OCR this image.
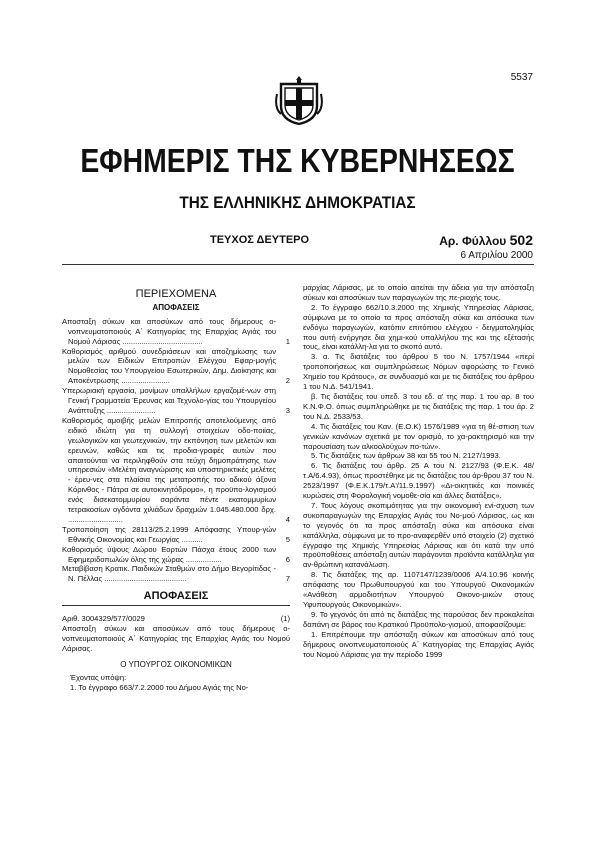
5537
ΕΦΗΜΕΡΙΣ ΤΗΣ ΚΥΒΕΡΝΗΣΕΩΣ
ΤΗΣ ΕΛΛΗΝΙΚΗΣ ΔΗΜΟΚΡΑΤΙΑΣ
ΤΕΥΧΟΣ ΔΕΥΤΕΡΟ	Αρ. Φύλλου 502
6 Απριλίου 2000
ΠΕΡΙΕΧΟΜΕΝΑ
ΑΠΟΦΑΣΕΙΣ
Αποσταξη σύκων και αποσύκων από τους δήμερους ο-νοπνευματοποιούς Α΄ Κατηγορίας της Επαρχίας Αγιάς του Νομού Λάρισας ......................................	1
Καθορισμός αριθμού συνεδριάσεων και αποζημίωσης των μελών των Ειδικών Επιτροπών Ελέγχου Εφαρ-μογής Νομοθεσίας του Υπουργείου Εσωτερικών, Δημ. Διοίκησης και Αποκέντρωσης .......................	2
Υπερωριακή εργασία, μονίμων υπαλλήλων εργαζομέ-νων στη Γενική Γραμματεία Έρευνας και Τεχνολο-γίας του Υπουργείου Ανάπτυξης .......................	3
Καθορισμός αμοιβής μελών Επιτροπής αποτελούμενης από ειδικό ιδιώτη για τη συλλογή στοιχείων οδο-ποιίας, γεωλογικών και γεωτεχνικών, την εκπόνηση των μελετών και ερευνών, καθώς και τις προδια-γραφές αυτών που απαιτούνται να περιληφθούν στα τεύχη δημοπράτησης των υπηρεσιών «Μελέτη αναγνώρισης και υποστηρικτικές μελέτες - έρευ-νες στα πλαίσια της μετατροπής του οδικού άξονα Κόρινθος - Πάτρα σε αυτοκινητόδρομο», η προϋπο-λογισμού ενός δισεκατομμυρίου σαράντα πέντε εκατομμυρίων τετρακοσίων ογδόντα χιλιάδων δραχμών 1.045.480.000 δρχ. ..........................	4
Τροποποίηση της 28113/25.2.1999 Απόφασης Υπουρ-γών Εθνικής Οικονομίας και Γεωργίας ..........	5
Καθορισμός ύψους Δώρου Εορτών Πάσχα έτους 2000 των Εφημεριδοπωλών όλης της χώρας .................	6
Μεταβίβαση Κρατικ. Παιδικών Σταθμών στο Δήμο Βεγορίτιδας - Ν. Πέλλας .......................................	7
ΑΠΟΦΑΣΕΙΣ
Αριθ. 3004329/577/0029	(1)

Αποσταξη σύκων και αποσύκων από τους δήμερους ο-νοπνευματοποιούς Α΄ Κατηγορίας της Επαρχίας Αγιάς του Νομού Λάρισας.

Ο ΥΠΟΥΡΓΟΣ ΟΙΚΟΝΟΜΙΚΩΝ

Έχοντας υπόψη:

1. Το έγγραφο 663/7.2.2000 του Δήμου Αγιάς της Νο-

μαρχίας Λάρισας, με το οποίο αιτείται την άδεια για την απόσταξη σύκων και αποσύκων των παραγωγών της πε-ριοχής τους.

2. Το έγγραφο 662/10.3.2000 της Χημικής Υπηρεσίας Λάρισας, σύμφωνα με το οποίο τα προς απόσταξη σύκα και απόσυκα των ενδόγω παραγωγών, κατόπιν επιτόπιου ελέγχου - δειγματοληψίας που αυτή ενήργησε δια χημι-κού υπαλλήλου της και της εξέτασής τους, είναι κατάλλη-λα για το σκοπό αυτό.

3. α. Τις διατάξεις του άρθρου 5 του Ν. 1757/1944 «περί τροποποιήσεως και συμπληρώσεως Νόμων αφορώσης το Γενικό Χημείο του Κράτους», σε συνδυασμό και με τις διατάξεις του άρθρου 1 του Ν.Δ. 541/1941.

β. Τις διατάξεις του υπεδ. 3 του εδ. α' της παρ. 1 του αρ. 8 του Κ.Ν.Φ.Ο. όπως συμπληρώθηκε με τις διατάξεις της παρ. 1 του άρ. 2 του Ν.Δ. 2533/53.

4. Τις διατάξεις του Καν. (Ε.Ο.Κ) 1576/1989 «για τη θέ-σπιση των γενικών κανόνων σχετικά με τον ορισμό, το χα-ρακτηρισμό και την παρουσίαση των αλκοολούχων πο-τών».

5. Τις διατάξεις των άρθρων 38 και 55 του Ν. 2127/1993.

6. Τις διατάξεις του άρθρ. 25 Α του Ν. 2127/93 (Φ.Ε.Κ. 48/τ.Α/6.4.93), όπως προστέθηκε με τις διατάξεις του άρ-θρου 37 του Ν. 2523/1997 (Φ.Ε.Κ.179/τ.Α'/11.9.1997) «Δι-οικητικές και ποινικές κυρώσεις στη Φορολογική νομοθε-σία και άλλες διατάξεις».

7. Τους λόγους σκοπιμότητας για την οικονομική ενί-σχυση των συκοπαραγωγών της Επαρχίας Αγιάς του Νο-μού Λάρισας, ως και το γεγονός ότι τα προς απόσταξη σύκα και απόσυκα είναι κατάλληλα, σύμφωνα με το προ-αναφερθέν υπό στοιχείο (2) σχετικό έγγραφο της Χημικής Υπηρεσίας Λάρισας και ότι κατά την υπό προϋποθέσεις απόσταξη αυτών παράγονται προϊόντα κατάλληλα για αν-θρώπινη κατανάλωση.

8. Τις διατάξεις της αρ. 1107147/1239/0006 Α/4.10.96 κοινής απόφασης του Πρωθυπουργού και του Υπουργού Οικονομικών «Ανάθεση αρμοδιοτήτων Υπουργού Οικονο-μικών στους Υφυπουργούς Οικονομικών».

9. Το γεγονός ότι από τις διατάξεις της παρούσας δεν προκαλείται δαπάνη σε βάρος του Κρατικού Προϋπολο-γισμού, αποφασίζουμε:

1. Επιτρέπουμε την απόσταξη σύκων και αποσύκων από τους δήμερους οινοπνευματοποιούς Α΄ Κατηγορίας της Επαρχίας Αγιάς του Νομού Λάρισας για την περίοδο 1999
